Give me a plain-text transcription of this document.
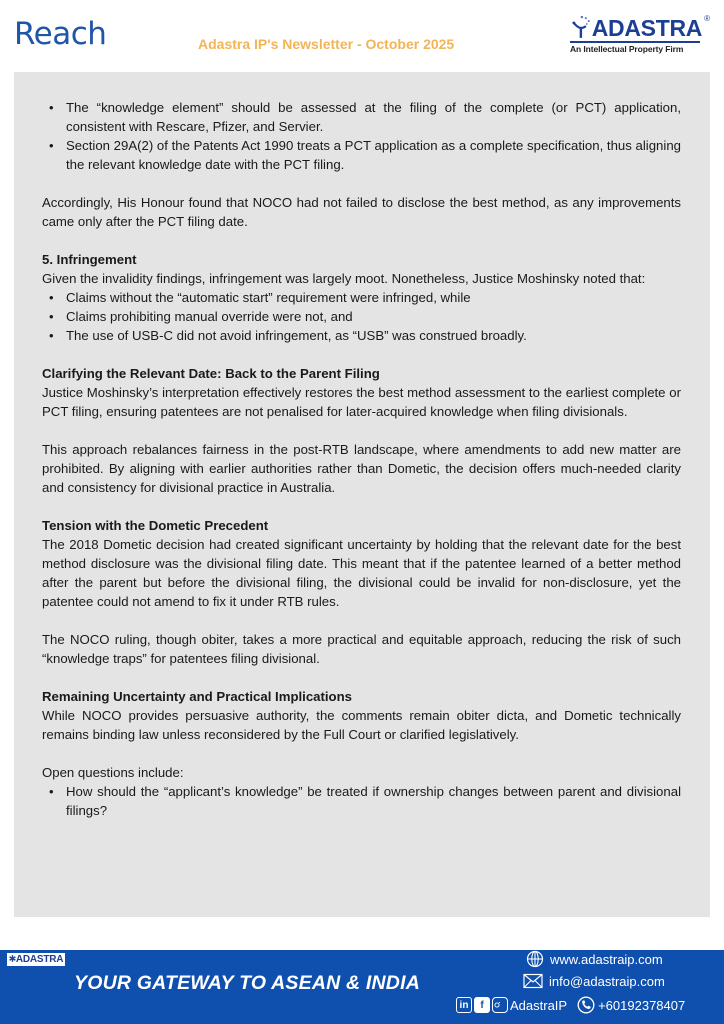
Reach	Adastra IP's Newsletter - October 2025
ADASTRA ®
An Intellectual Property Firm
• The “knowledge element” should be assessed at the filing of the complete (or PCT) application, consistent with Rescare, Pfizer, and Servier.
• Section 29A(2) of the Patents Act 1990 treats a PCT application as a complete specification, thus aligning the relevant knowledge date with the PCT filing.

Accordingly, His Honour found that NOCO had not failed to disclose the best method, as any improvements came only after the PCT filing date.

5. Infringement

Given the invalidity findings, infringement was largely moot. Nonetheless, Justice Moshinsky noted that:

• Claims without the “automatic start” requirement were infringed, while
• Claims prohibiting manual override were not, and
• The use of USB-C did not avoid infringement, as “USB” was construed broadly.
Clarifying the Relevant Date: Back to the Parent Filing

Justice Moshinsky’s interpretation effectively restores the best method assessment to the earliest complete or PCT filing, ensuring patentees are not penalised for later-acquired knowledge when filing divisionals.

This approach rebalances fairness in the post-RTB landscape, where amendments to add new matter are prohibited. By aligning with earlier authorities rather than Dometic, the decision offers much-needed clarity and consistency for divisional practice in Australia.

Tension with the Dometic Precedent

The 2018 Dometic decision had created significant uncertainty by holding that the relevant date for the best method disclosure was the divisional filing date. This meant that if the patentee learned of a better method after the parent but before the divisional filing, the divisional could be invalid for non-disclosure, yet the patentee could not amend to fix it under RTB rules.

The NOCO ruling, though obiter, takes a more practical and equitable approach, reducing the risk of such “knowledge traps” for patentees filing divisional.

Remaining Uncertainty and Practical Implications

While NOCO provides persuasive authority, the comments remain obiter dicta, and Dometic technically remains binding law unless reconsidered by the Full Court or clarified legislatively.

Open questions include:

• How should the “applicant’s knowledge” be treated if ownership changes between parent and divisional filings?
🞶ADASTRA
YOUR GATEWAY TO ASEAN & INDIA
www.adastraip.com
info@adastraip.com
in	f	AdastraIP +60192378407
